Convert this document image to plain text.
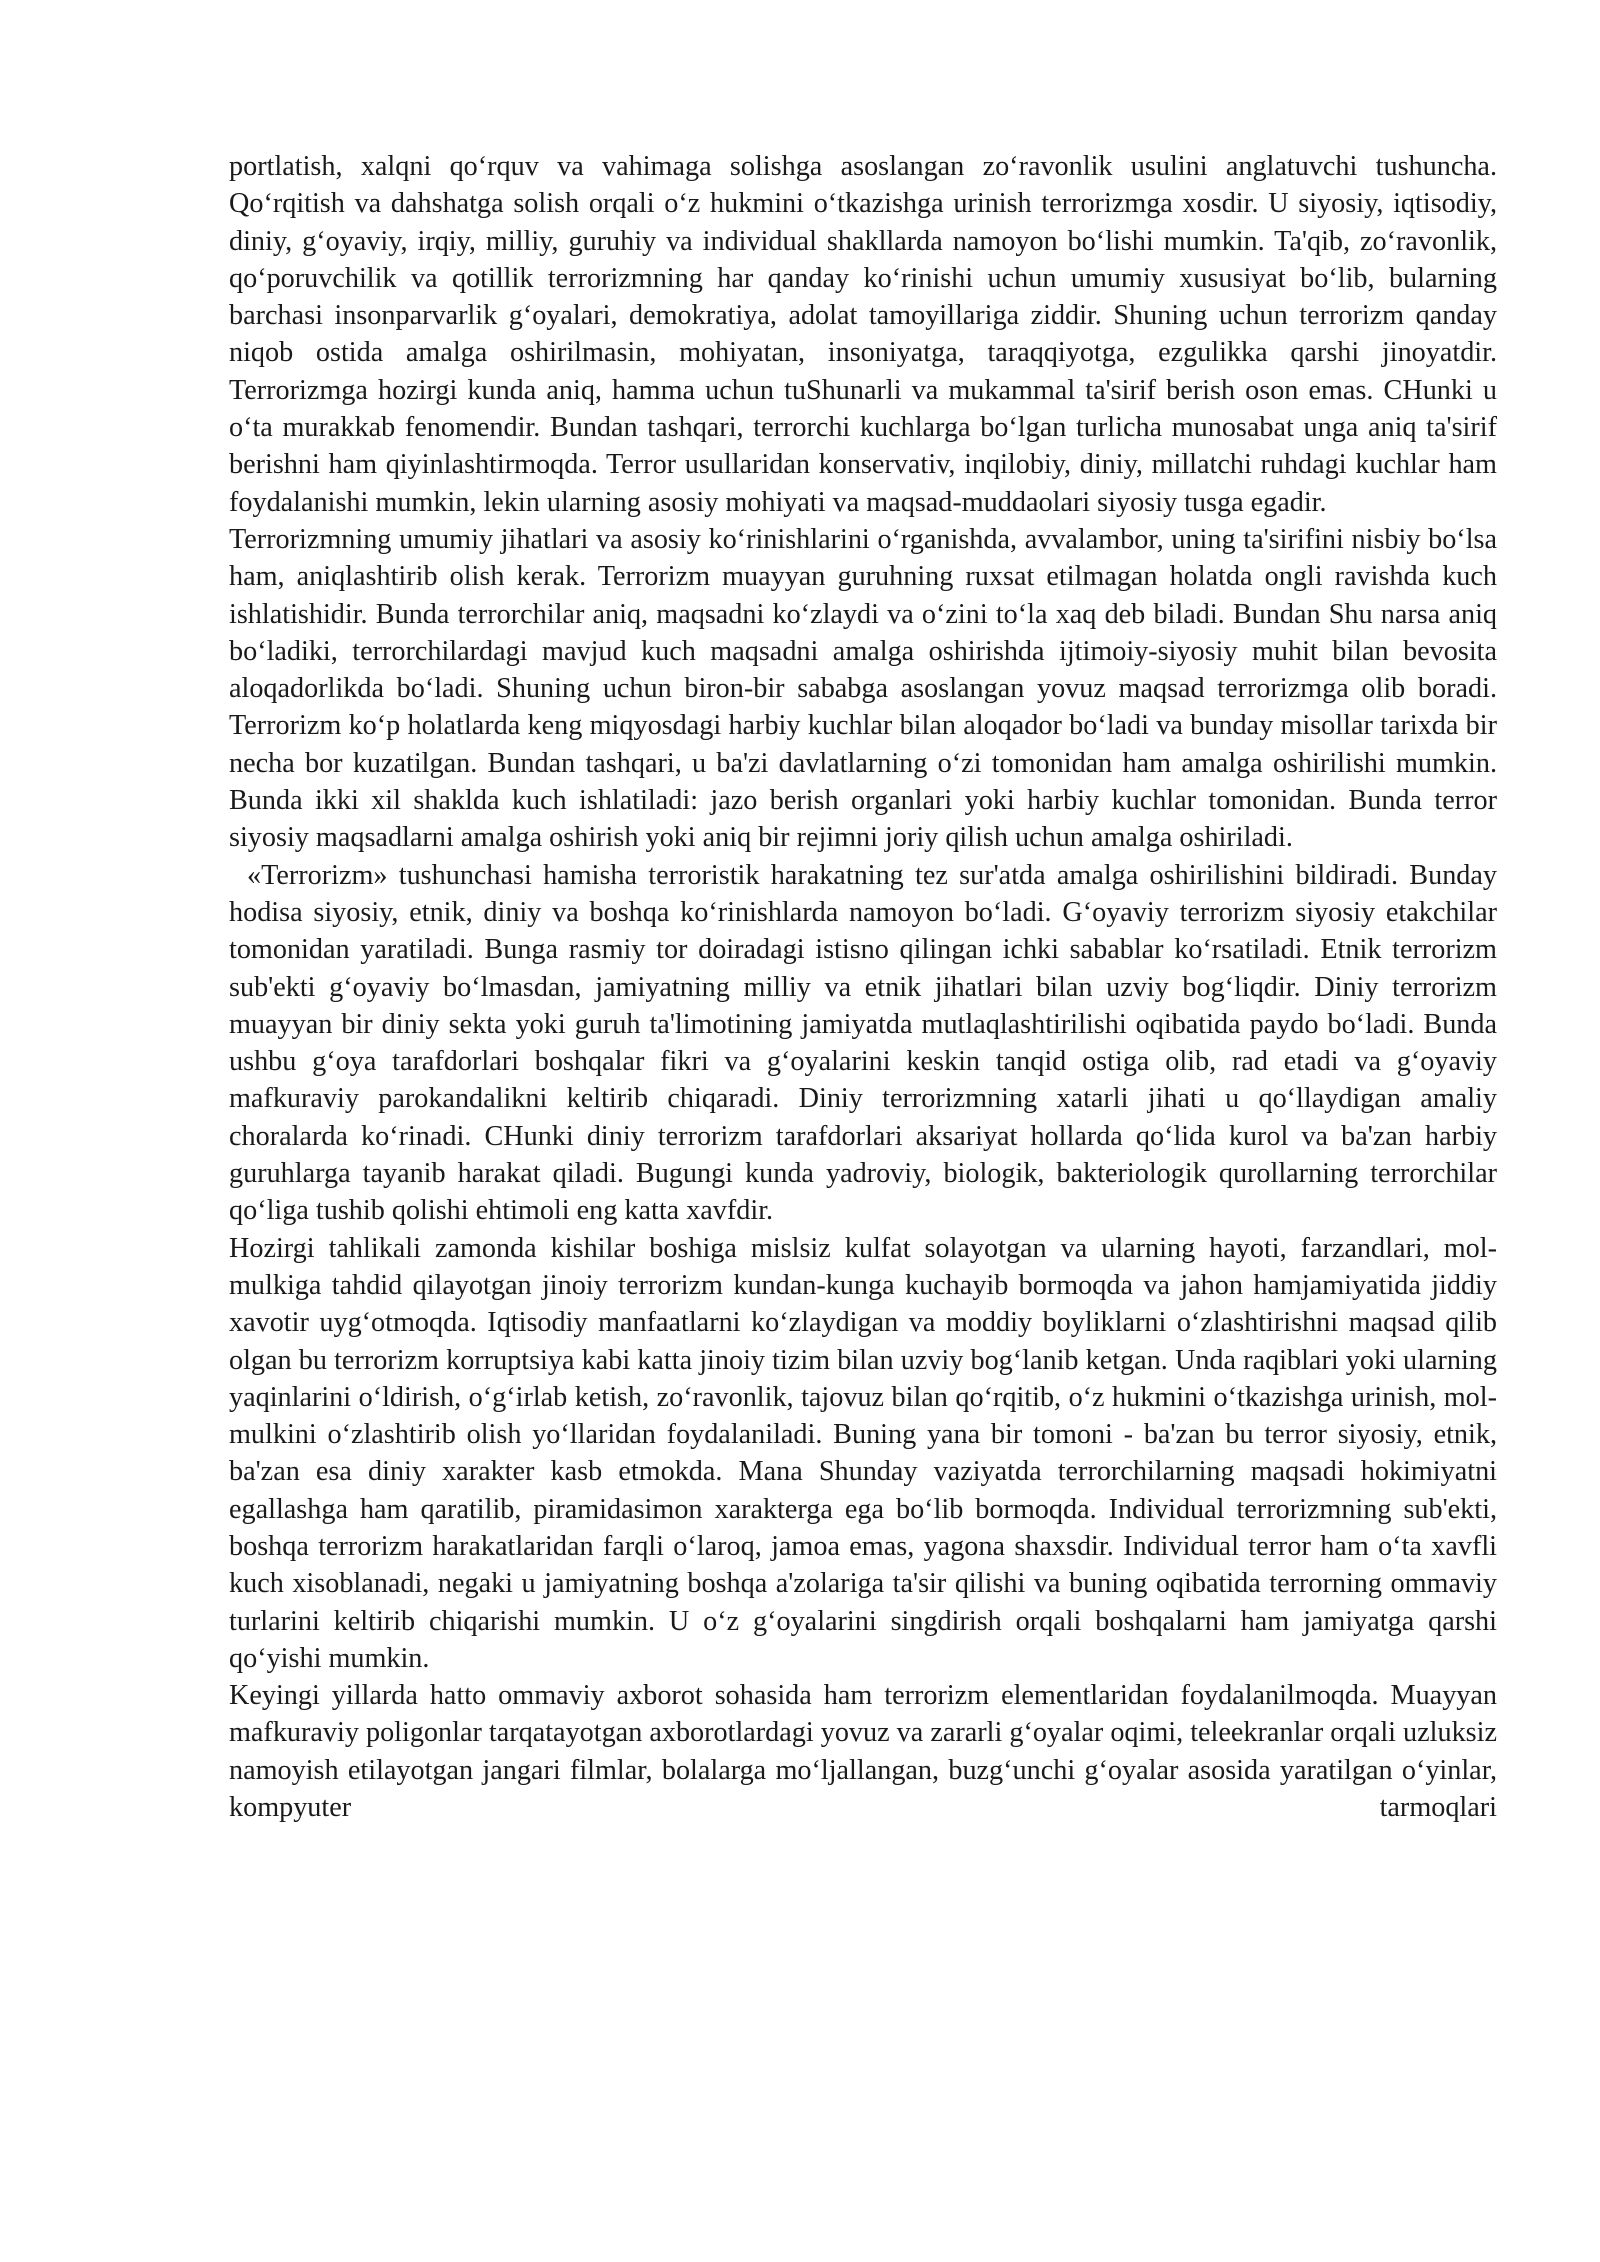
portlatish, xalqni qo‘rquv va vahimaga solishga asoslangan zo‘ravonlik usulini anglatuvchi tushuncha. Qo‘rqitish va dahshatga solish orqali o‘z hukmini o‘tkazishga urinish terrorizmga xosdir. U siyosiy, iqtisodiy, diniy, g‘oyaviy, irqiy, milliy, guruhiy va individual shakllarda namoyon bo‘lishi mumkin. Ta'qib, zo‘ravonlik, qo‘poruvchilik va qotillik terrorizmning har qanday ko‘rinishi uchun umumiy xususiyat bo‘lib, bularning barchasi insonparvarlik g‘oyalari, demokratiya, adolat tamoyillariga ziddir. Shuning uchun terrorizm qanday niqob ostida amalga oshirilmasin, mohiyatan, insoniyatga, taraqqiyotga, ezgulikka qarshi jinoyatdir. Terrorizmga hozirgi kunda aniq, hamma uchun tuShunarli va mukammal ta'sirif berish oson emas. CHunki u o‘ta murakkab fenomendir. Bundan tashqari, terrorchi kuchlarga bo‘lgan turlicha munosabat unga aniq ta'sirif berishni ham qiyinlashtirmoqda. Terror usullaridan konservativ, inqilobiy, diniy, millatchi ruhdagi kuchlar ham foydalanishi mumkin, lekin ularning asosiy mohiyati va maqsad-muddaolari siyosiy tusga egadir.

Terrorizmning umumiy jihatlari va asosiy ko‘rinishlarini o‘rganishda, avvalambor, uning ta'sirifini nisbiy bo‘lsa ham, aniqlashtirib olish kerak. Terrorizm muayyan guruhning ruxsat etilmagan holatda ongli ravishda kuch ishlatishidir. Bunda terrorchilar aniq, maqsadni ko‘zlaydi va o‘zini to‘la xaq deb biladi. Bundan Shu narsa aniq bo‘ladiki, terrorchilardagi mavjud kuch maqsadni amalga oshirishda ijtimoiy-siyosiy muhit bilan bevosita aloqadorlikda bo‘ladi. Shuning uchun biron-bir sababga asoslangan yovuz maqsad terrorizmga olib boradi. Terrorizm ko‘p holatlarda keng miqyosdagi harbiy kuchlar bilan aloqador bo‘ladi va bunday misollar tarixda bir necha bor kuzatilgan. Bundan tashqari, u ba'zi davlatlarning o‘zi tomonidan ham amalga oshirilishi mumkin. Bunda ikki xil shaklda kuch ishlatiladi: jazo berish organlari yoki harbiy kuchlar tomonidan. Bunda terror siyosiy maqsadlarni amalga oshirish yoki aniq bir rejimni joriy qilish uchun amalga oshiriladi.

«Terrorizm» tushunchasi hamisha terroristik harakatning tez sur'atda amalga oshirilishini bildiradi. Bunday hodisa siyosiy, etnik, diniy va boshqa ko‘rinishlarda namoyon bo‘ladi. G‘oyaviy terrorizm siyosiy etakchilar tomonidan yaratiladi. Bunga rasmiy tor doiradagi istisno qilingan ichki sabablar ko‘rsatiladi. Etnik terrorizm sub'ekti g‘oyaviy bo‘lmasdan, jamiyatning milliy va etnik jihatlari bilan uzviy bog‘liqdir. Diniy terrorizm muayyan bir diniy sekta yoki guruh ta'limotining jamiyatda mutlaqlashtirilishi oqibatida paydo bo‘ladi. Bunda ushbu g‘oya tarafdorlari boshqalar fikri va g‘oyalarini keskin tanqid ostiga olib, rad etadi va g‘oyaviy mafkuraviy parokandalikni keltirib chiqaradi. Diniy terrorizmning xatarli jihati u qo‘llaydigan amaliy choralarda ko‘rinadi. CHunki diniy terrorizm tarafdorlari aksariyat hollarda qo‘lida kurol va ba'zan harbiy guruhlarga tayanib harakat qiladi. Bugungi kunda yadroviy, biologik, bakteriologik qurollarning terrorchilar qo‘liga tushib qolishi ehtimoli eng katta xavfdir.

Hozirgi tahlikali zamonda kishilar boshiga mislsiz kulfat solayotgan va ularning hayoti, farzandlari, mol-mulkiga tahdid qilayotgan jinoiy terrorizm kundan-kunga kuchayib bormoqda va jahon hamjamiyatida jiddiy xavotir uyg‘otmoqda. Iqtisodiy manfaatlarni ko‘zlaydigan va moddiy boyliklarni o‘zlashtirishni maqsad qilib olgan bu terrorizm korruptsiya kabi katta jinoiy tizim bilan uzviy bog‘lanib ketgan. Unda raqiblari yoki ularning yaqinlarini o‘ldirish, o‘g‘irlab ketish, zo‘ravonlik, tajovuz bilan qo‘rqitib, o‘z hukmini o‘tkazishga urinish, mol-mulkini o‘zlashtirib olish yo‘llaridan foydalaniladi. Buning yana bir tomoni - ba'zan bu terror siyosiy, etnik, ba'zan esa diniy xarakter kasb etmokda. Mana Shunday vaziyatda terrorchilarning maqsadi hokimiyatni egallashga ham qaratilib, piramidasimon xarakterga ega bo‘lib bormoqda. Individual terrorizmning sub'ekti, boshqa terrorizm harakatlaridan farqli o‘laroq, jamoa emas, yagona shaxsdir. Individual terror ham o‘ta xavfli kuch xisoblanadi, negaki u jamiyatning boshqa a'zolariga ta'sir qilishi va buning oqibatida terrorning ommaviy turlarini keltirib chiqarishi mumkin. U o‘z g‘oyalarini singdirish orqali boshqalarni ham jamiyatga qarshi qo‘yishi mumkin.

Keyingi yillarda hatto ommaviy axborot sohasida ham terrorizm elementlaridan foydalanilmoqda. Muayyan mafkuraviy poligonlar tarqatayotgan axborotlardagi yovuz va zararli g‘oyalar oqimi, teleekranlar orqali uzluksiz namoyish etilayotgan jangari filmlar, bolalarga mo‘ljallangan, buzg‘unchi g‘oyalar asosida yaratilgan o‘yinlar, kompyuter tarmoqlari
